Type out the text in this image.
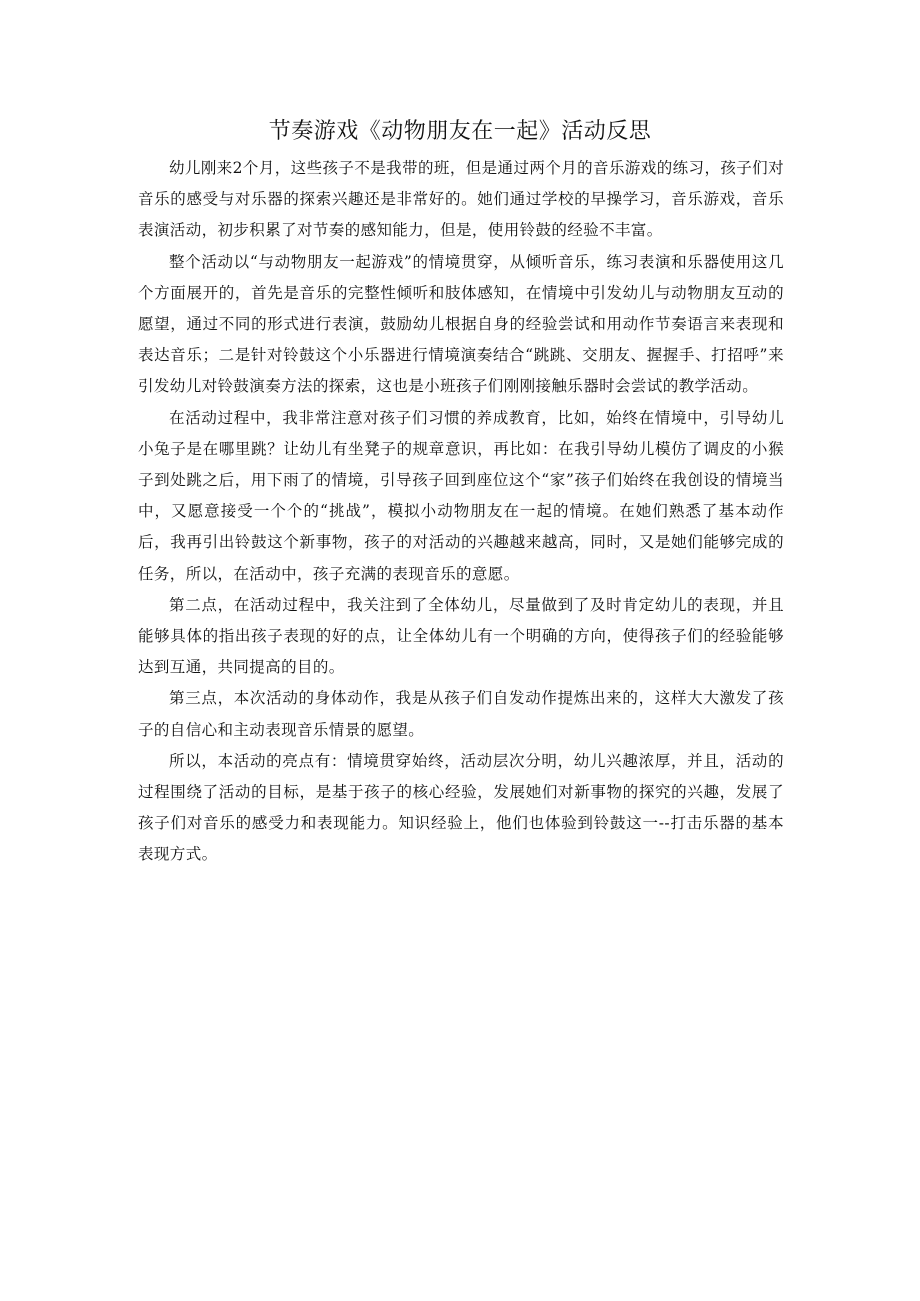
节奏游戏《动物朋友在一起》活动反思

幼儿刚来2个月，这些孩子不是我带的班，但是通过两个月的音乐游戏的练习，孩子们对音乐的感受与对乐器的探索兴趣还是非常好的。她们通过学校的早操学习，音乐游戏，音乐表演活动，初步积累了对节奏的感知能力，但是，使用铃鼓的经验不丰富。

整个活动以“与动物朋友一起游戏”的情境贯穿，从倾听音乐，练习表演和乐器使用这几个方面展开的，首先是音乐的完整性倾听和肢体感知，在情境中引发幼儿与动物朋友互动的愿望，通过不同的形式进行表演，鼓励幼儿根据自身的经验尝试和用动作节奏语言来表现和表达音乐；二是针对铃鼓这个小乐器进行情境演奏结合“跳跳、交朋友、握握手、打招呼”来引发幼儿对铃鼓演奏方法的探索，这也是小班孩子们刚刚接触乐器时会尝试的教学活动。

在活动过程中，我非常注意对孩子们习惯的养成教育，比如，始终在情境中，引导幼儿小兔子是在哪里跳？让幼儿有坐凳子的规章意识，再比如：在我引导幼儿模仿了调皮的小猴子到处跳之后，用下雨了的情境，引导孩子回到座位这个“家”孩子们始终在我创设的情境当中，又愿意接受一个个的“挑战”，模拟小动物朋友在一起的情境。在她们熟悉了基本动作后，我再引出铃鼓这个新事物，孩子的对活动的兴趣越来越高，同时，又是她们能够完成的任务，所以，在活动中，孩子充满的表现音乐的意愿。

第二点，在活动过程中，我关注到了全体幼儿，尽量做到了及时肯定幼儿的表现，并且能够具体的指出孩子表现的好的点，让全体幼儿有一个明确的方向，使得孩子们的经验能够达到互通，共同提高的目的。

第三点，本次活动的身体动作，我是从孩子们自发动作提炼出来的，这样大大激发了孩子的自信心和主动表现音乐情景的愿望。

所以，本活动的亮点有：情境贯穿始终，活动层次分明，幼儿兴趣浓厚，并且，活动的过程围绕了活动的目标，是基于孩子的核心经验，发展她们对新事物的探究的兴趣，发展了孩子们对音乐的感受力和表现能力。知识经验上，他们也体验到铃鼓这一--打击乐器的基本表现方式。
